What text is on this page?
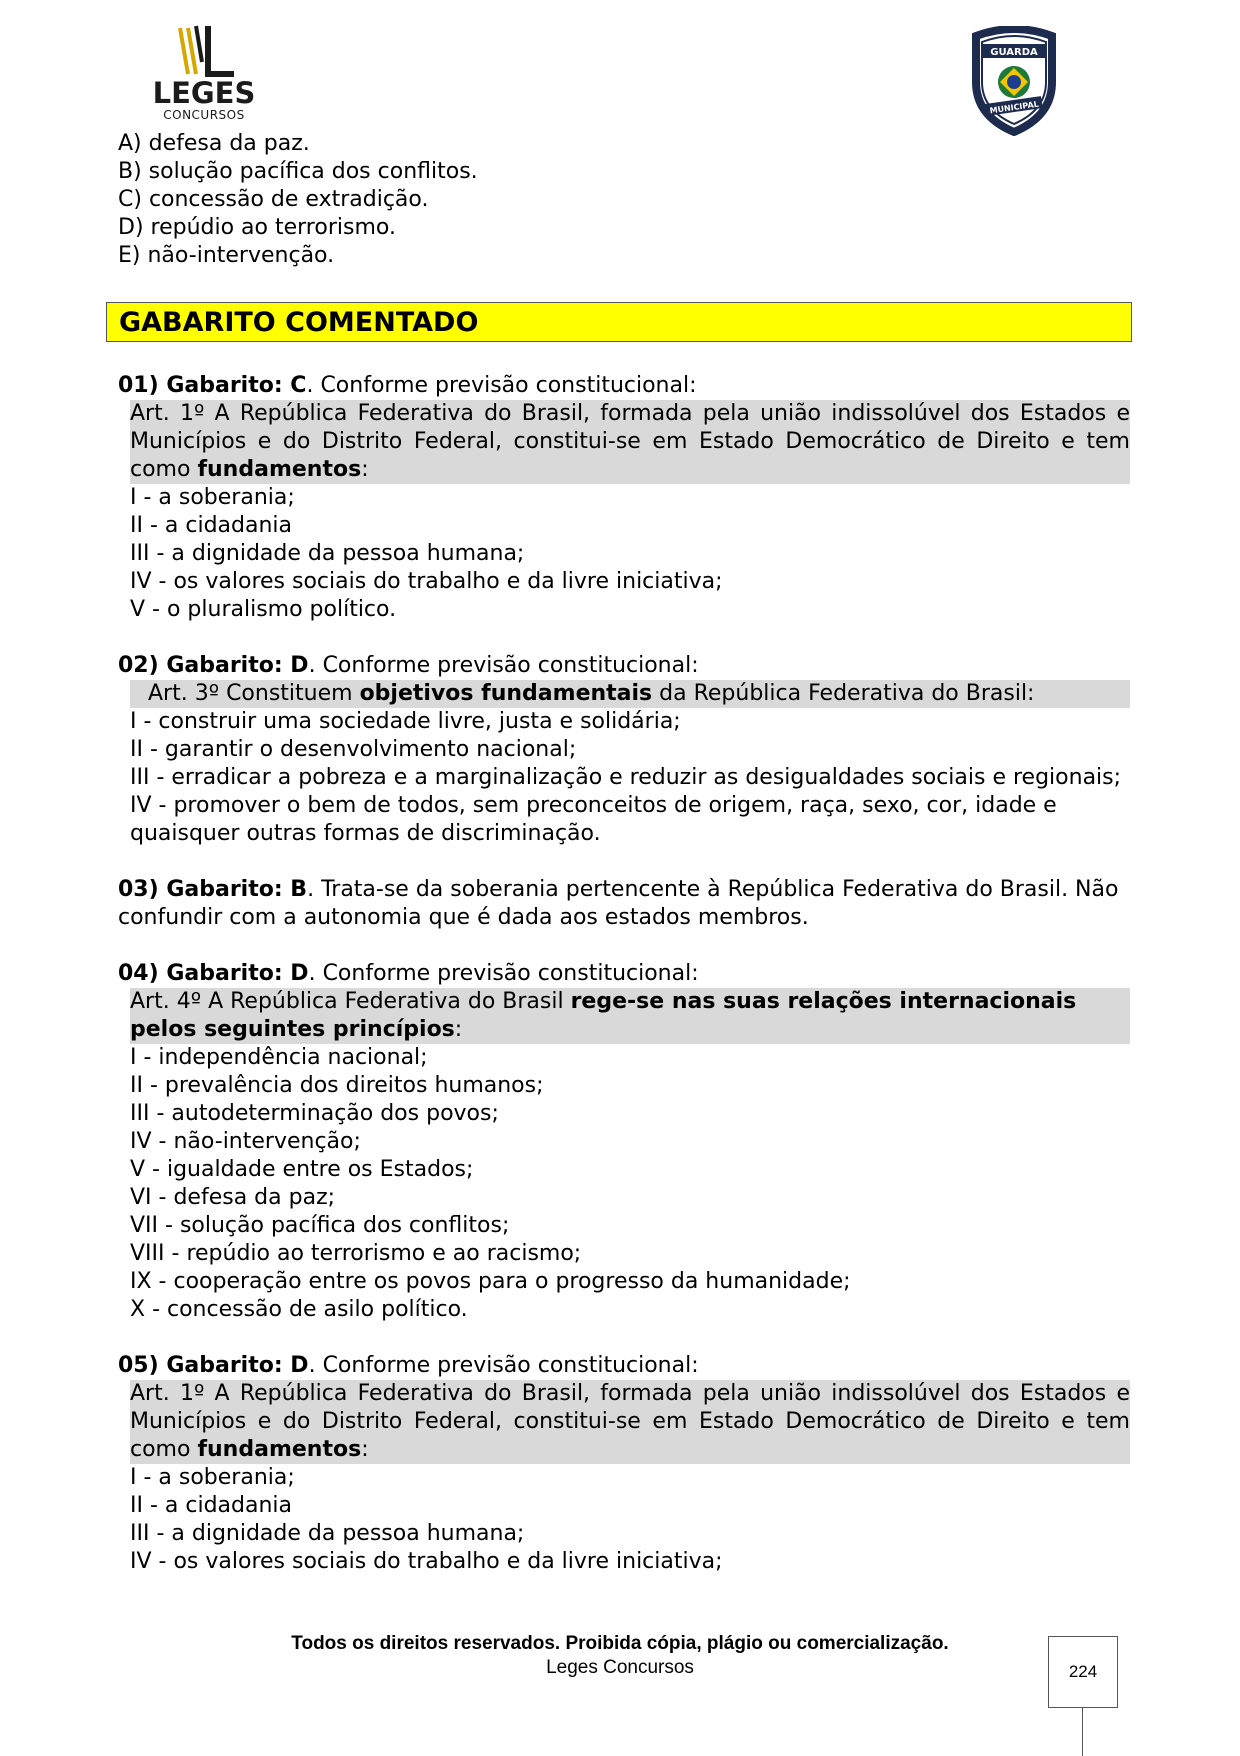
LEGES
CONCURSOS
GUARDA
MUNICIPAL
A) defesa da paz.
B) solução pacífica dos conflitos.
C) concessão de extradição.
D) repúdio ao terrorismo.
E) não-intervenção.
GABARITO COMENTADO
01) Gabarito: C. Conforme previsão constitucional:
Art. 1º A República Federativa do Brasil, formada pela união indissolúvel dos Estados e Municípios e do Distrito Federal, constitui-se em Estado Democrático de Direito e tem como fundamentos:
I - a soberania;
II - a cidadania
III - a dignidade da pessoa humana;
IV - os valores sociais do trabalho e da livre iniciativa;
V - o pluralismo político.
02) Gabarito: D. Conforme previsão constitucional:
Art. 3º Constituem objetivos fundamentais da República Federativa do Brasil:
I - construir uma sociedade livre, justa e solidária;
II - garantir o desenvolvimento nacional;
III - erradicar a pobreza e a marginalização e reduzir as desigualdades sociais e regionais;
IV - promover o bem de todos, sem preconceitos de origem, raça, sexo, cor, idade e quaisquer outras formas de discriminação.
03) Gabarito: B. Trata-se da soberania pertencente à República Federativa do Brasil. Não confundir com a autonomia que é dada aos estados membros.
04) Gabarito: D. Conforme previsão constitucional:
Art. 4º A República Federativa do Brasil rege-se nas suas relações internacionais pelos seguintes princípios:
I - independência nacional;
II - prevalência dos direitos humanos;
III - autodeterminação dos povos;
IV - não-intervenção;
V - igualdade entre os Estados;
VI - defesa da paz;
VII - solução pacífica dos conflitos;
VIII - repúdio ao terrorismo e ao racismo;
IX - cooperação entre os povos para o progresso da humanidade;
X - concessão de asilo político.
05) Gabarito: D. Conforme previsão constitucional:
Art. 1º A República Federativa do Brasil, formada pela união indissolúvel dos Estados e Municípios e do Distrito Federal, constitui-se em Estado Democrático de Direito e tem como fundamentos:
I - a soberania;
II - a cidadania
III - a dignidade da pessoa humana;
IV - os valores sociais do trabalho e da livre iniciativa;
Todos os direitos reservados. Proibida cópia, plágio ou comercialização.
Leges Concursos	224
